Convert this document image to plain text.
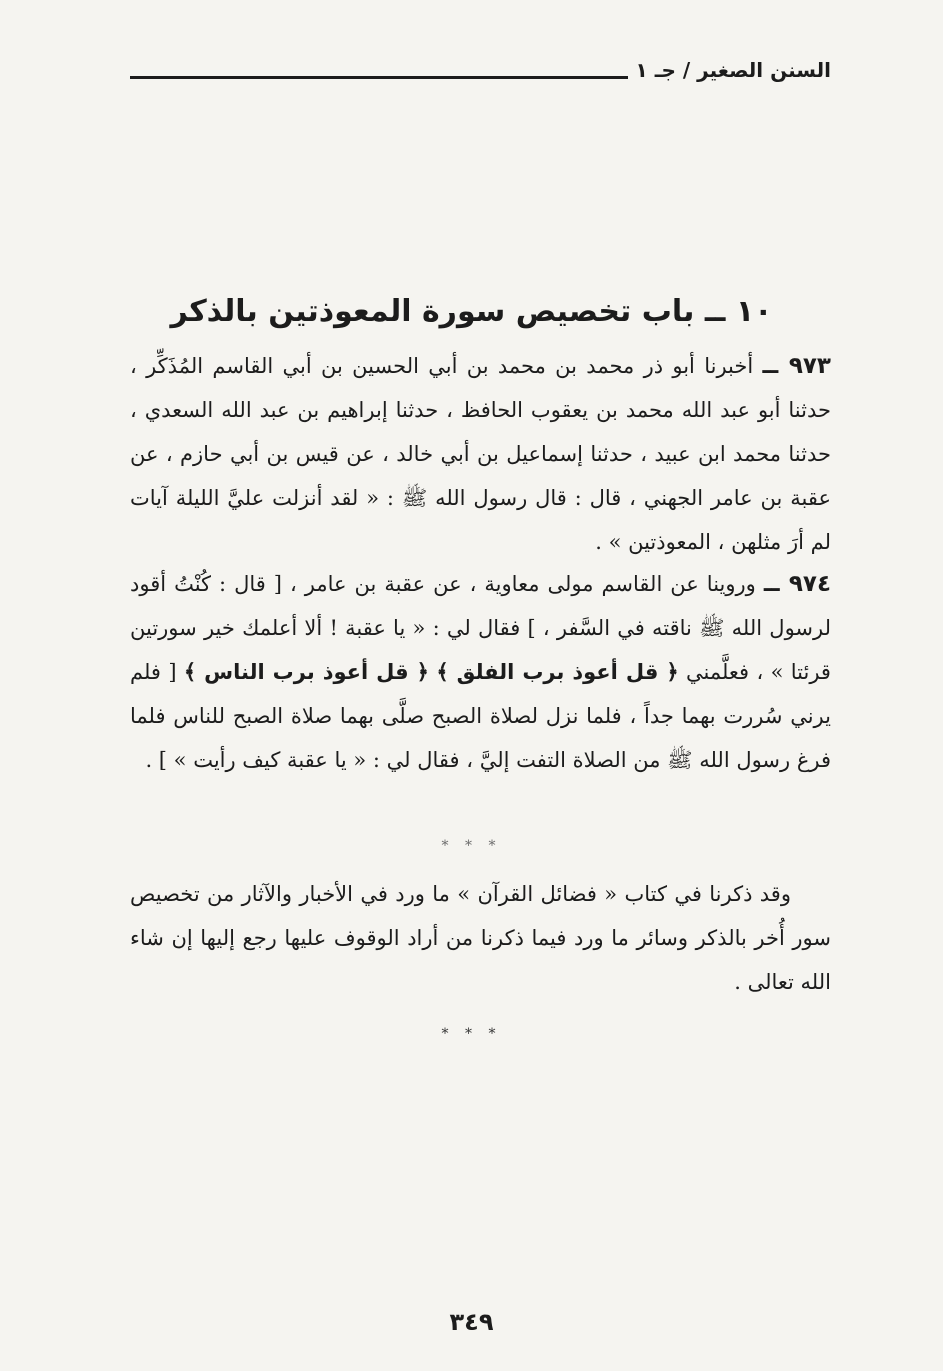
السنن الصغير / جـ ١
١٠ ــ باب تخصيص سورة المعوذتين بالذكر

٩٧٣ ــ أخبرنا أبو ذر محمد بن محمد بن أبي الحسين بن أبي القاسم المُذَكِّر ، حدثنا أبو عبد الله محمد بن يعقوب الحافظ ، حدثنا إبراهيم بن عبد الله السعدي ، حدثنا محمد ابن عبيد ، حدثنا إسماعيل بن أبي خالد ، عن قيس بن أبي حازم ، عن عقبة بن عامر الجهني ، قال : قال رسول الله ﷺ : « لقد أنزلت عليَّ الليلة آيات لم أرَ مثلهن ، المعوذتين » .

٩٧٤ ــ وروينا عن القاسم مولى معاوية ، عن عقبة بن عامر ، [ قال : كُنْتُ أقود لرسول الله ﷺ ناقته في السَّفر ، ] فقال لي : « يا عقبة ! ألا أعلمك خير سورتين قرئتا » ، فعلَّمني ﴿ قل أعوذ برب الفلق ﴾ ﴿ قل أعوذ برب الناس ﴾ [ فلم يرني سُررت بهما جداً ، فلما نزل لصلاة الصبح صلَّى بهما صلاة الصبح للناس فلما فرغ رسول الله ﷺ من الصلاة التفت إليَّ ، فقال لي : « يا عقبة كيف رأيت » ] .

* * *

وقد ذكرنا في كتاب « فضائل القرآن » ما ورد في الأخبار والآثار من تخصيص سور أُخر بالذكر وسائر ما ورد فيما ذكرنا من أراد الوقوف عليها رجع إليها إن شاء الله تعالى .

* * *
٣٤٩
